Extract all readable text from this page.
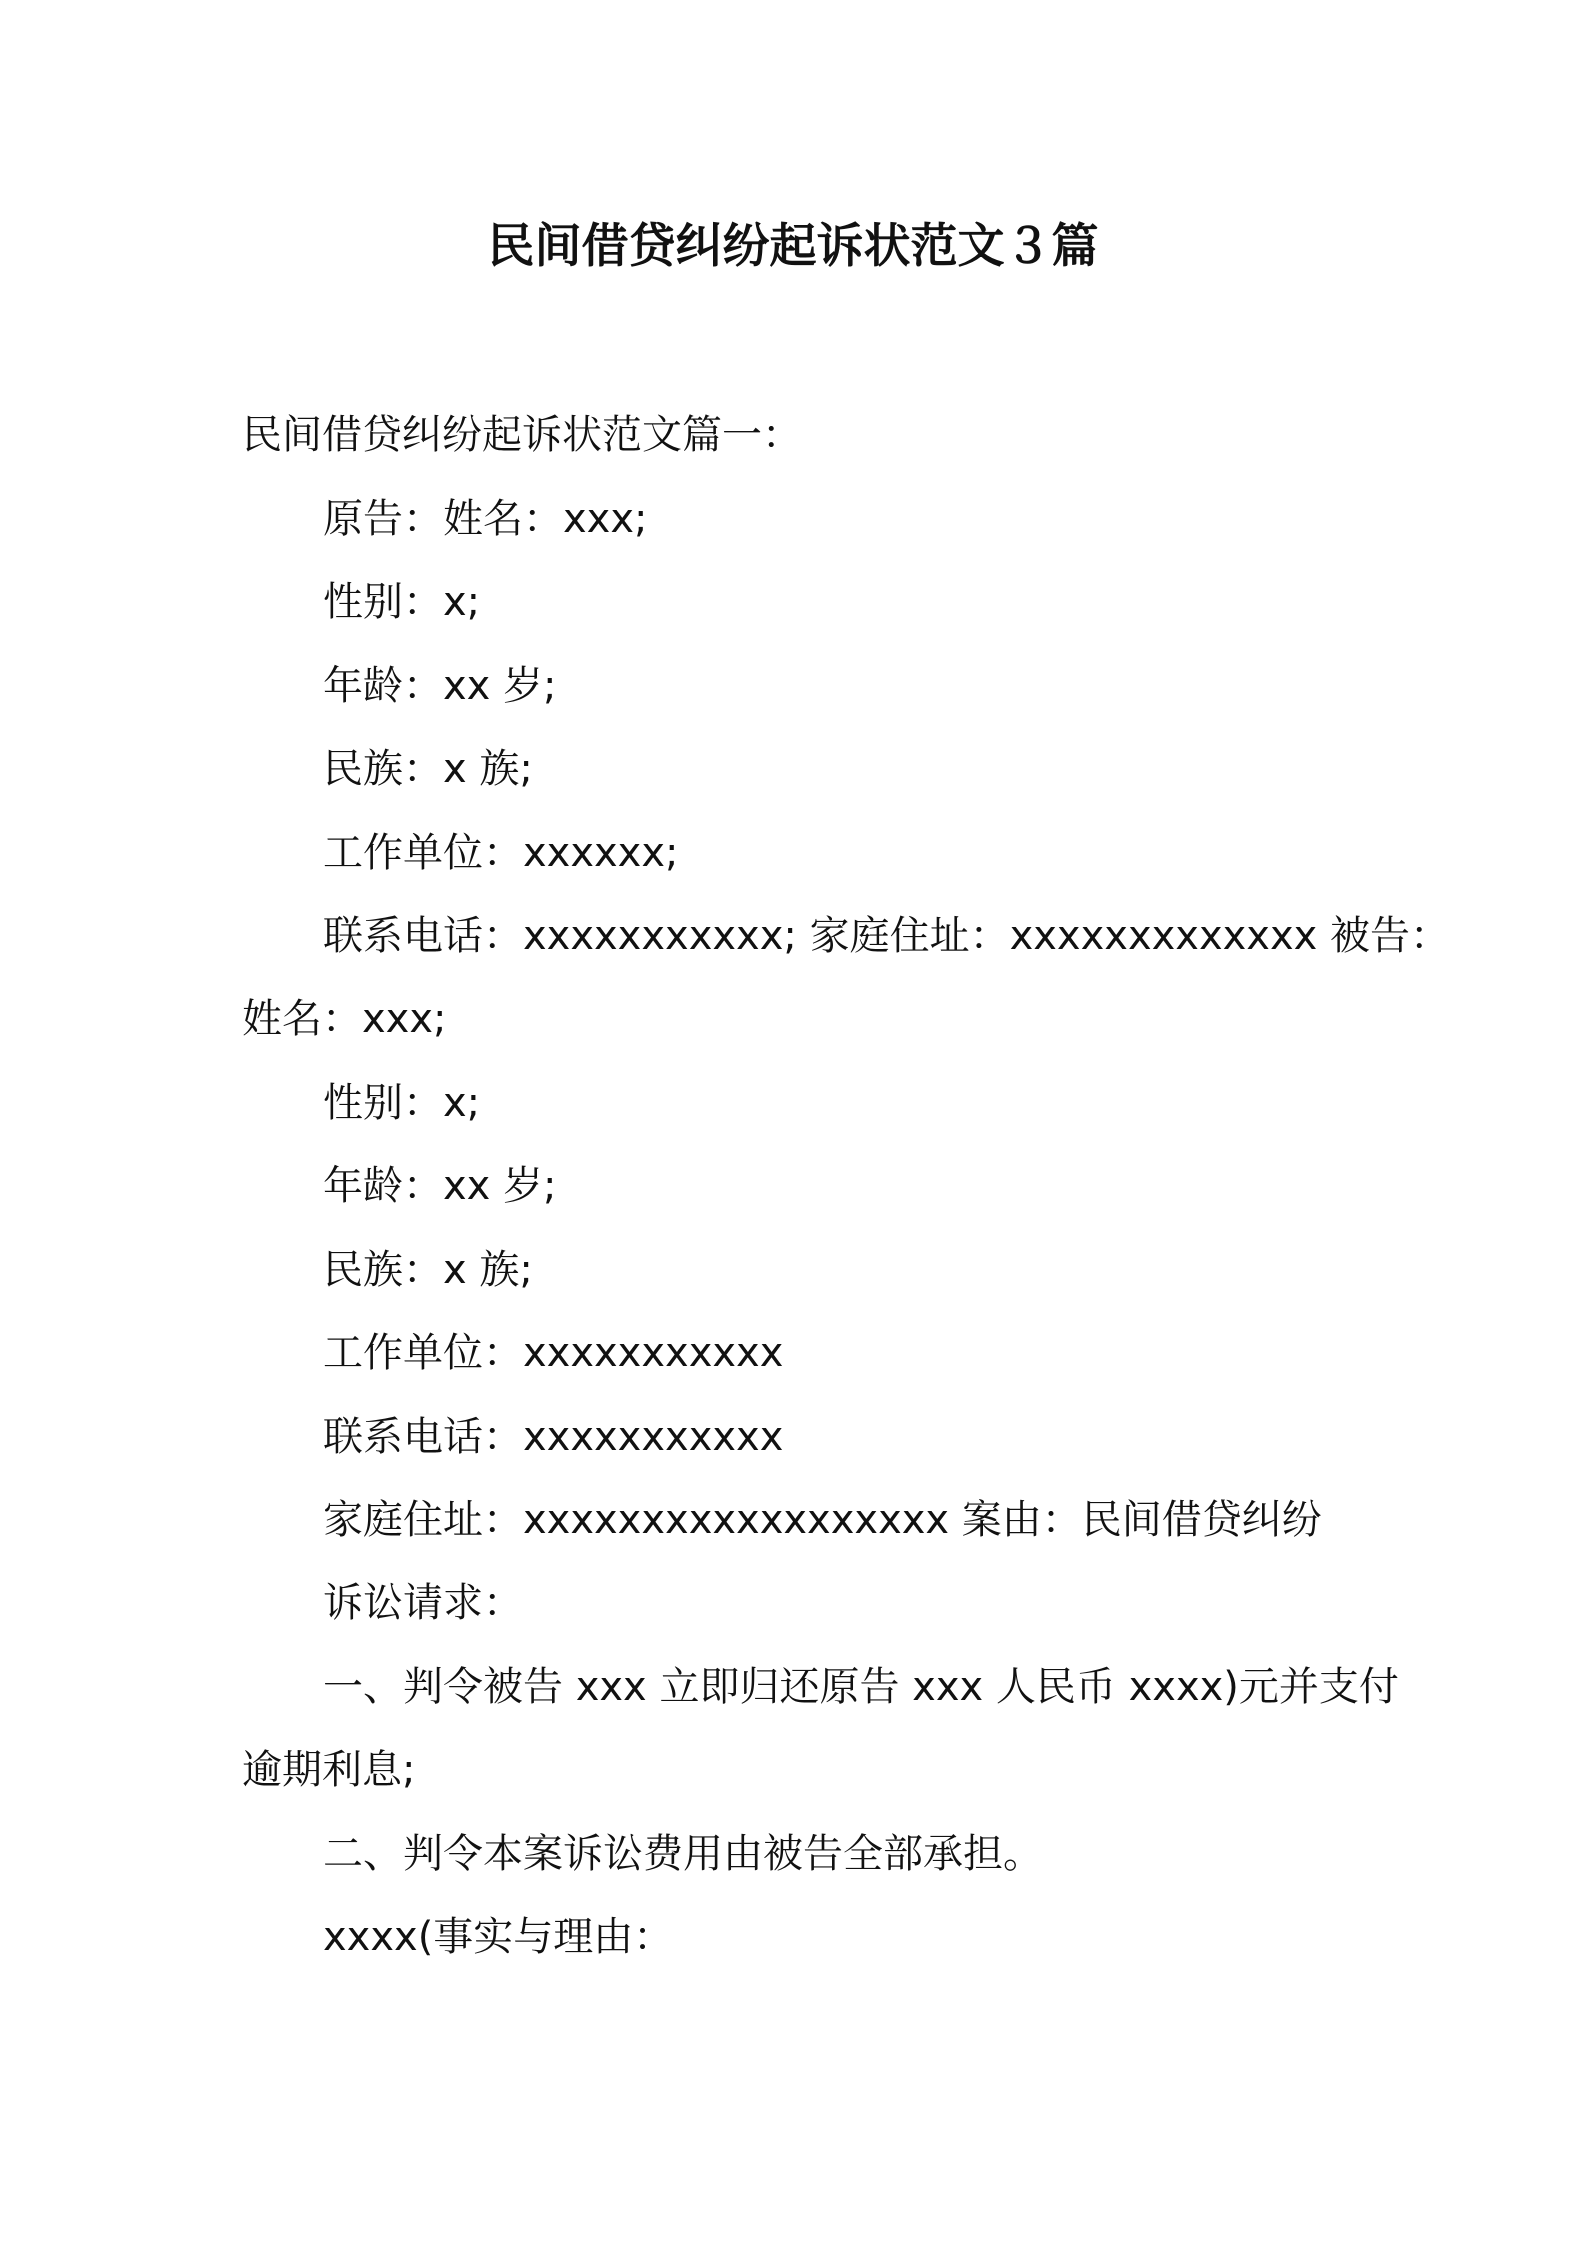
民间借贷纠纷起诉状范文３篇
民间借贷纠纷起诉状范文篇一：
原告：姓名：xxx;
性别：x;
年龄：xx 岁;
民族：x 族;
工作单位：xxxxxx;
联系电话：xxxxxxxxxxx; 家庭住址：xxxxxxxxxxxxx 被告：
姓名：xxx;
性别：x;
年龄：xx 岁;
民族：x 族;
工作单位：xxxxxxxxxxx
联系电话：xxxxxxxxxxx
家庭住址：xxxxxxxxxxxxxxxxxx 案由：民间借贷纠纷
诉讼请求：
一、判令被告 xxx 立即归还原告 xxx 人民币 xxxx)元并支付
逾期利息;
二、判令本案诉讼费用由被告全部承担。
xxxx(事实与理由：
